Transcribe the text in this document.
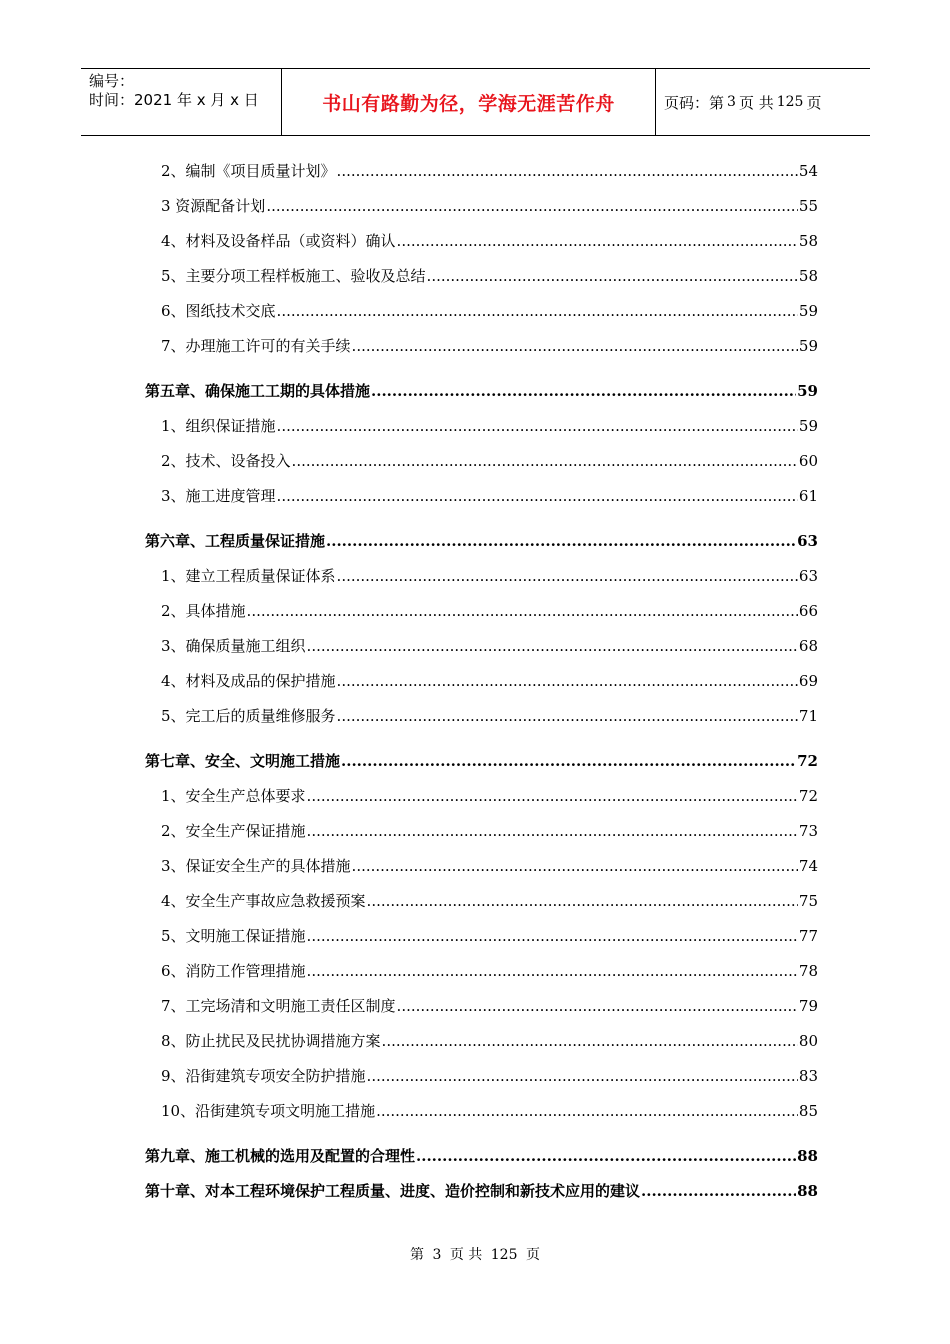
编号：
时间：2021 年 x 月 x 日	书山有路勤为径，学海无涯苦作舟	页码：第 3 页 共 125 页
2、编制《项目质量计划》 .....	54
3 资源配备计划 .....	55
4、材料及设备样品（或资料）确认 .....	58
5、主要分项工程样板施工、验收及总结 .....	58
6、图纸技术交底 .....	59
7、办理施工许可的有关手续 .....	59
第五章、确保施工工期的具体措施 .....	59
1、组织保证措施 .....	59
2、技术、设备投入 .....	60
3、施工进度管理 .....	61
第六章、工程质量保证措施 .....	63
1、建立工程质量保证体系 .....	63
2、具体措施 .....	66
3、确保质量施工组织 .....	68
4、材料及成品的保护措施 .....	69
5、完工后的质量维修服务 .....	71
第七章、安全、文明施工措施 .....	72
1、安全生产总体要求 .....	72
2、安全生产保证措施 .....	73
3、保证安全生产的具体措施 .....	74
4、安全生产事故应急救援预案 .....	75
5、文明施工保证措施 .....	77
6、消防工作管理措施 .....	78
7、工完场清和文明施工责任区制度 .....	79
8、防止扰民及民扰协调措施方案 .....	80
9、沿街建筑专项安全防护措施 .....	83
10、沿街建筑专项文明施工措施 .....	85
第九章、施工机械的选用及配置的合理性 .....	88
第十章、对本工程环境保护工程质量、进度、造价控制和新技术应用的建议 .....	88
第 3 页 共 125 页
